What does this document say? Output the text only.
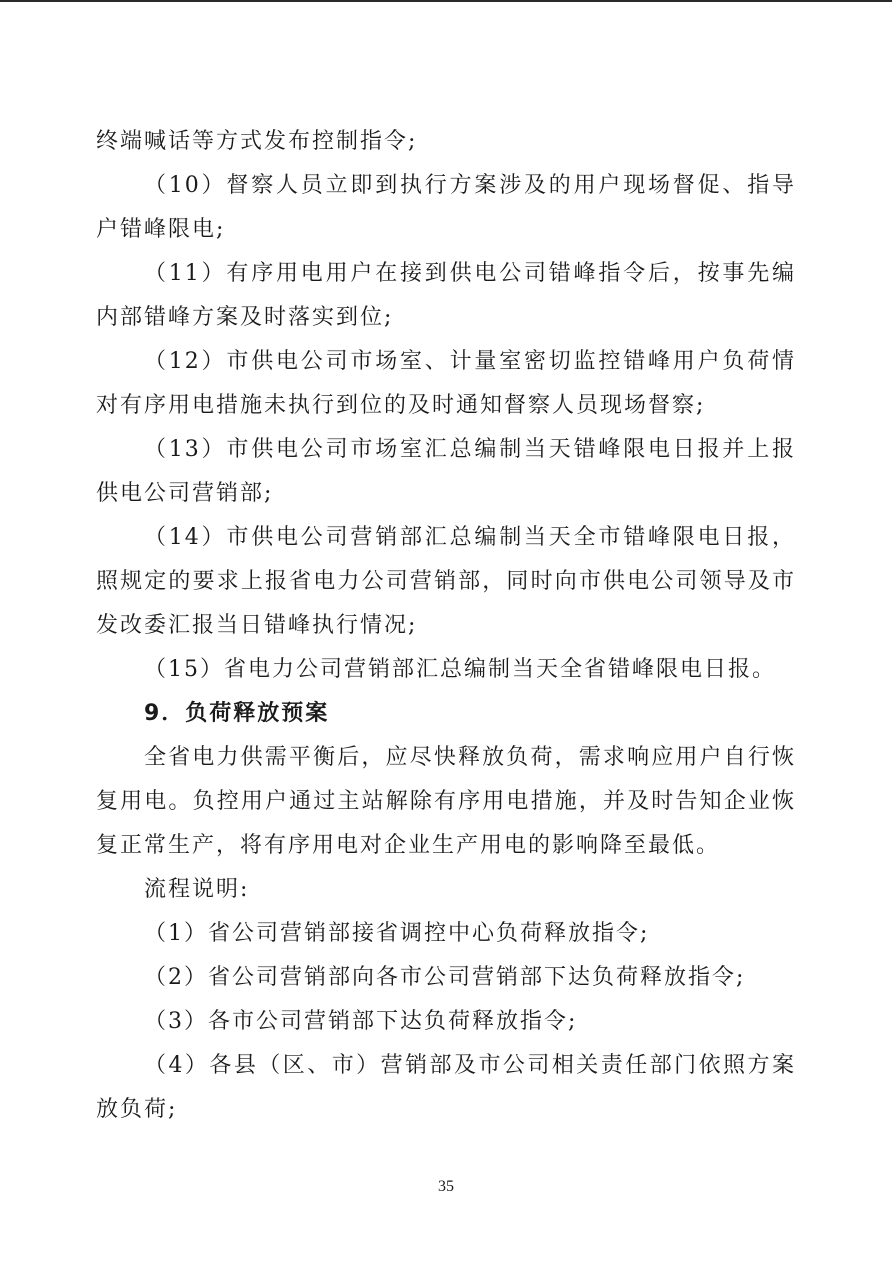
终端喊话等方式发布控制指令;
（10）督察人员立即到执行方案涉及的用户现场督促、指导
户错峰限电;
（11）有序用电用户在接到供电公司错峰指令后，按事先编
内部错峰方案及时落实到位;
（12）市供电公司市场室、计量室密切监控错峰用户负荷情
对有序用电措施未执行到位的及时通知督察人员现场督察;
（13）市供电公司市场室汇总编制当天错峰限电日报并上报
供电公司营销部;
（14）市供电公司营销部汇总编制当天全市错峰限电日报，
照规定的要求上报省电力公司营销部，同时向市供电公司领导及市
发改委汇报当日错峰执行情况;
（15）省电力公司营销部汇总编制当天全省错峰限电日报。
9．负荷释放预案
全省电力供需平衡后，应尽快释放负荷，需求响应用户自行恢
复用电。负控用户通过主站解除有序用电措施，并及时告知企业恢
复正常生产，将有序用电对企业生产用电的影响降至最低。
流程说明:
（1）省公司营销部接省调控中心负荷释放指令;
（2）省公司营销部向各市公司营销部下达负荷释放指令;
（3）各市公司营销部下达负荷释放指令;
（4）各县（区、市）营销部及市公司相关责任部门依照方案
放负荷;
35
